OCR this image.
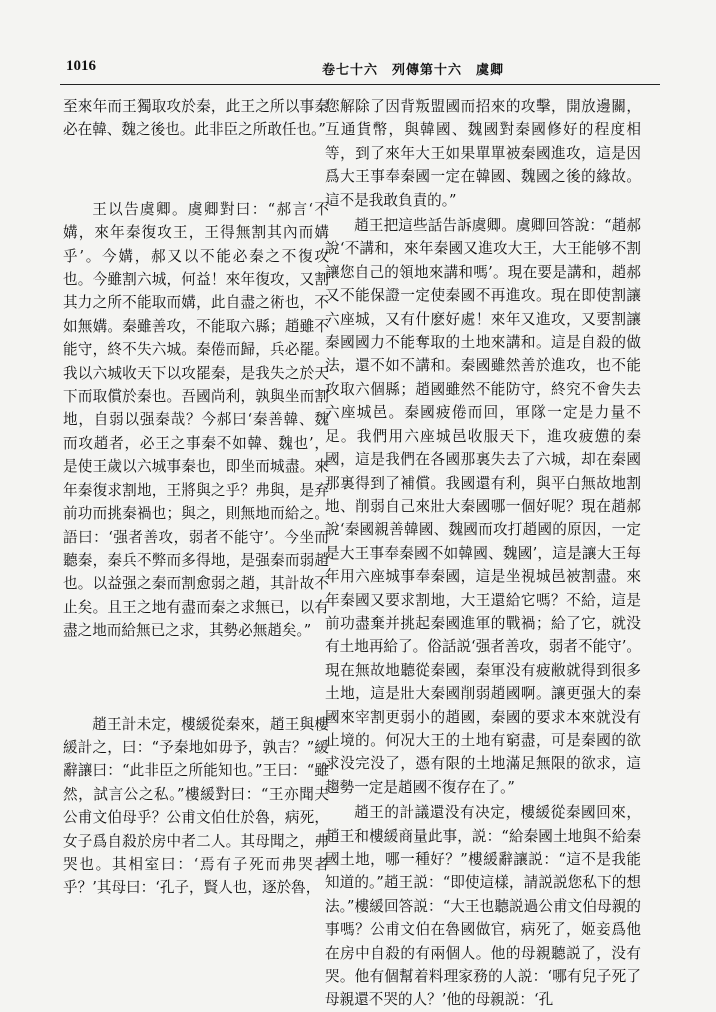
1016	卷七十六　列傳第十六　虞卿

至來年而王獨取攻於秦，此王之所以事秦必在韓、魏之後也。此非臣之所敢任也。”

王以告虞卿。虞卿對曰：“郝言‘不媾，來年秦復攻王，王得無割其內而媾乎’。今媾，郝又以不能必秦之不復攻也。今雖割六城，何益！來年復攻，又割其力之所不能取而媾，此自盡之術也，不如無媾。秦雖善攻，不能取六縣；趙雖不能守，終不失六城。秦倦而歸，兵必罷。我以六城收天下以攻罷秦，是我失之於天下而取償於秦也。吾國尚利，孰與坐而割地，自弱以强秦哉？今郝曰‘秦善韓、魏而攻趙者，必王之事秦不如韓、魏也’，是使王歲以六城事秦也，即坐而城盡。來年秦復求割地，王將與之乎？弗與，是弃前功而挑秦禍也；與之，則無地而給之。語曰：‘强者善攻，弱者不能守’。今坐而聽秦，秦兵不弊而多得地，是强秦而弱趙也。以益强之秦而割愈弱之趙，其計故不止矣。且王之地有盡而秦之求無已，以有盡之地而給無已之求，其勢必無趙矣。”

趙王計未定，樓緩從秦來，趙王與樓緩計之，曰：“予秦地如毋予，孰吉？”緩辭讓曰：“此非臣之所能知也。”王曰：“雖然，試言公之私。”樓緩對曰：“王亦聞夫公甫文伯母乎？公甫文伯仕於魯，病死，女子爲自殺於房中者二人。其母聞之，弗哭也。其相室曰：‘焉有子死而弗哭者乎？’其母曰：‘孔子，賢人也，逐於魯，

您解除了因背叛盟國而招來的攻擊，開放邊關，互通貨幣，與韓國、魏國對秦國修好的程度相等，到了來年大王如果單單被秦國進攻，這是因爲大王事奉秦國一定在韓國、魏國之後的緣故。這不是我敢負責的。”

趙王把這些話告訴虞卿。虞卿回答說：“趙郝說‘不講和，來年秦國又進攻大王，大王能够不割讓您自己的領地來講和嗎’。現在要是講和，趙郝又不能保證一定使秦國不再進攻。現在即使割讓六座城，又有什麽好處！來年又進攻，又要割讓秦國國力不能奪取的土地來講和。這是自殺的做法，還不如不講和。秦國雖然善於進攻，也不能攻取六個縣；趙國雖然不能防守，終究不會失去六座城邑。秦國疲倦而回，軍隊一定是力量不足。我們用六座城邑收服天下，進攻疲憊的秦國，這是我們在各國那裏失去了六城，却在秦國那裏得到了補償。我國還有利，與平白無故地割地、削弱自己來壯大秦國哪一個好呢？現在趙郝說‘秦國親善韓國、魏國而攻打趙國的原因，一定是大王事奉秦國不如韓國、魏國’，這是讓大王每年用六座城事奉秦國，這是坐視城邑被割盡。來年秦國又要求割地，大王還給它嗎？不給，這是前功盡棄并挑起秦國進軍的戰禍；給了它，就没有土地再給了。俗話説‘强者善攻，弱者不能守’。現在無故地聽從秦國，秦軍没有疲敝就得到很多土地，這是壯大秦國削弱趙國啊。讓更强大的秦國來宰割更弱小的趙國，秦國的要求本來就没有止境的。何况大王的土地有窮盡，可是秦國的欲求没完没了，憑有限的土地滿足無限的欲求，這趨勢一定是趙國不復存在了。”

趙王的計議還没有决定，樓緩從秦國回來，趙王和樓緩商量此事，説：“給秦國土地與不給秦國土地，哪一種好？”樓緩辭讓説：“這不是我能知道的。”趙王説：“即使這樣，請説説您私下的想法。”樓緩回答説：“大王也聽説過公甫文伯母親的事嗎？公甫文伯在魯國做官，病死了，姬妾爲他在房中自殺的有兩個人。他的母親聽説了，没有哭。他有個幫着料理家務的人説：‘哪有兒子死了母親還不哭的人？’他的母親説：‘孔
